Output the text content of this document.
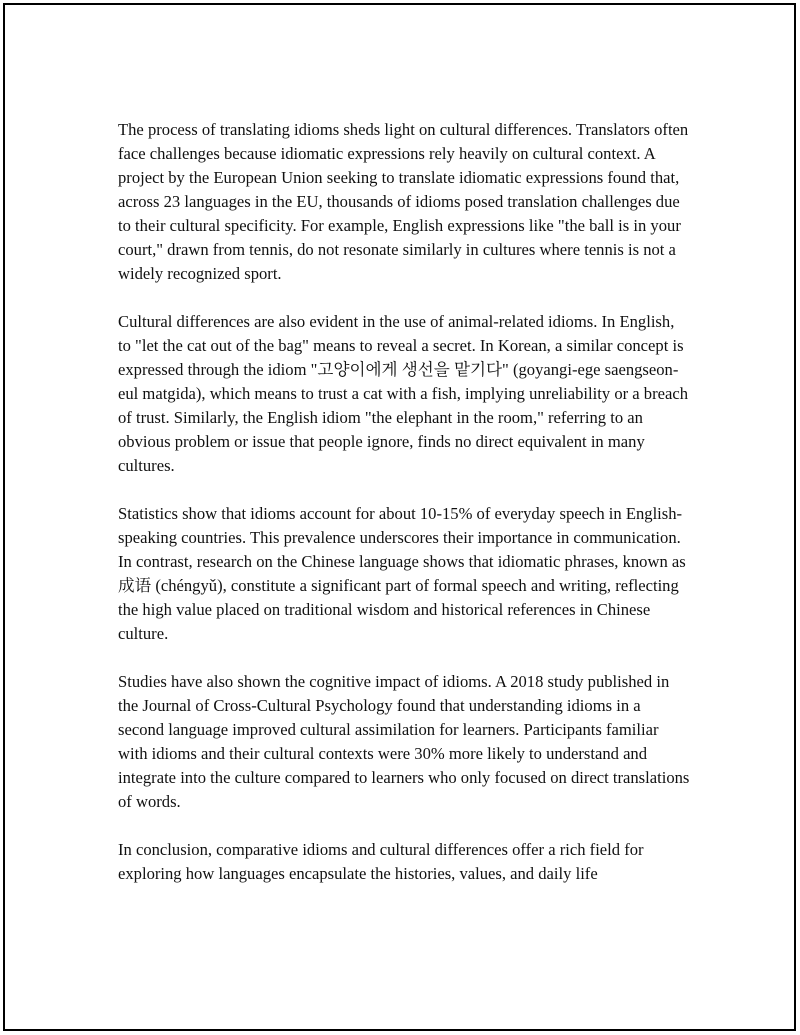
The process of translating idioms sheds light on cultural differences. Translators often face challenges because idiomatic expressions rely heavily on cultural context. A project by the European Union seeking to translate idiomatic expressions found that, across 23 languages in the EU, thousands of idioms posed translation challenges due to their cultural specificity. For example, English expressions like "the ball is in your court," drawn from tennis, do not resonate similarly in cultures where tennis is not a widely recognized sport.

Cultural differences are also evident in the use of animal-related idioms. In English, to "let the cat out of the bag" means to reveal a secret. In Korean, a similar concept is expressed through the idiom "고양이에게 생선을 맡기다" (goyangi-ege saengseon-eul matgida), which means to trust a cat with a fish, implying unreliability or a breach of trust. Similarly, the English idiom "the elephant in the room," referring to an obvious problem or issue that people ignore, finds no direct equivalent in many cultures.

Statistics show that idioms account for about 10-15% of everyday speech in English-speaking countries. This prevalence underscores their importance in communication. In contrast, research on the Chinese language shows that idiomatic phrases, known as 成语 (chéngyǔ), constitute a significant part of formal speech and writing, reflecting the high value placed on traditional wisdom and historical references in Chinese culture.

Studies have also shown the cognitive impact of idioms. A 2018 study published in the Journal of Cross-Cultural Psychology found that understanding idioms in a second language improved cultural assimilation for learners. Participants familiar with idioms and their cultural contexts were 30% more likely to understand and integrate into the culture compared to learners who only focused on direct translations of words.

In conclusion, comparative idioms and cultural differences offer a rich field for exploring how languages encapsulate the histories, values, and daily life
